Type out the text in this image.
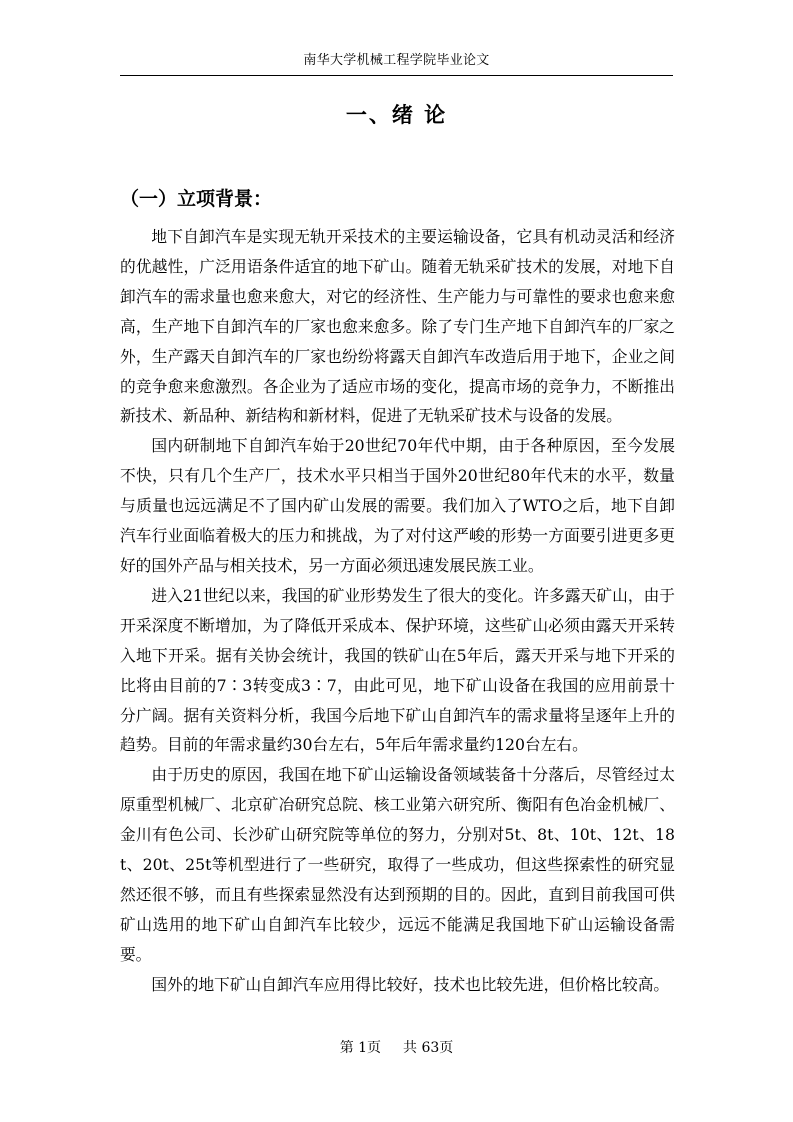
南华大学机械工程学院毕业论文
一、绪 论
（一）立项背景：

地下自卸汽车是实现无轨开采技术的主要运输设备，它具有机动灵活和经济的优越性，广泛用语条件适宜的地下矿山。随着无轨采矿技术的发展，对地下自卸汽车的需求量也愈来愈大，对它的经济性、生产能力与可靠性的要求也愈来愈高，生产地下自卸汽车的厂家也愈来愈多。除了专门生产地下自卸汽车的厂家之外，生产露天自卸汽车的厂家也纷纷将露天自卸汽车改造后用于地下，企业之间的竞争愈来愈激烈。各企业为了适应市场的变化，提高市场的竞争力，不断推出新技术、新品种、新结构和新材料，促进了无轨采矿技术与设备的发展。

国内研制地下自卸汽车始于20世纪70年代中期，由于各种原因，至今发展不快，只有几个生产厂，技术水平只相当于国外20世纪80年代末的水平，数量与质量也远远满足不了国内矿山发展的需要。我们加入了WTO之后，地下自卸汽车行业面临着极大的压力和挑战，为了对付这严峻的形势一方面要引进更多更好的国外产品与相关技术，另一方面必须迅速发展民族工业。

进入21世纪以来，我国的矿业形势发生了很大的变化。许多露天矿山，由于开采深度不断增加，为了降低开采成本、保护环境，这些矿山必须由露天开采转入地下开采。据有关协会统计，我国的铁矿山在5年后，露天开采与地下开采的比将由目前的7∶3转变成3∶7，由此可见，地下矿山设备在我国的应用前景十分广阔。据有关资料分析，我国今后地下矿山自卸汽车的需求量将呈逐年上升的趋势。目前的年需求量约30台左右，5年后年需求量约120台左右。

由于历史的原因，我国在地下矿山运输设备领域装备十分落后，尽管经过太原重型机械厂、北京矿冶研究总院、核工业第六研究所、衡阳有色冶金机械厂、金川有色公司、长沙矿山研究院等单位的努力，分别对5t、8t、10t、12t、18t、20t、25t等机型进行了一些研究，取得了一些成功，但这些探索性的研究显然还很不够，而且有些探索显然没有达到预期的目的。因此，直到目前我国可供矿山选用的地下矿山自卸汽车比较少，远远不能满足我国地下矿山运输设备需要。

国外的地下矿山自卸汽车应用得比较好，技术也比较先进，但价格比较高。

第 1页 共 63页
